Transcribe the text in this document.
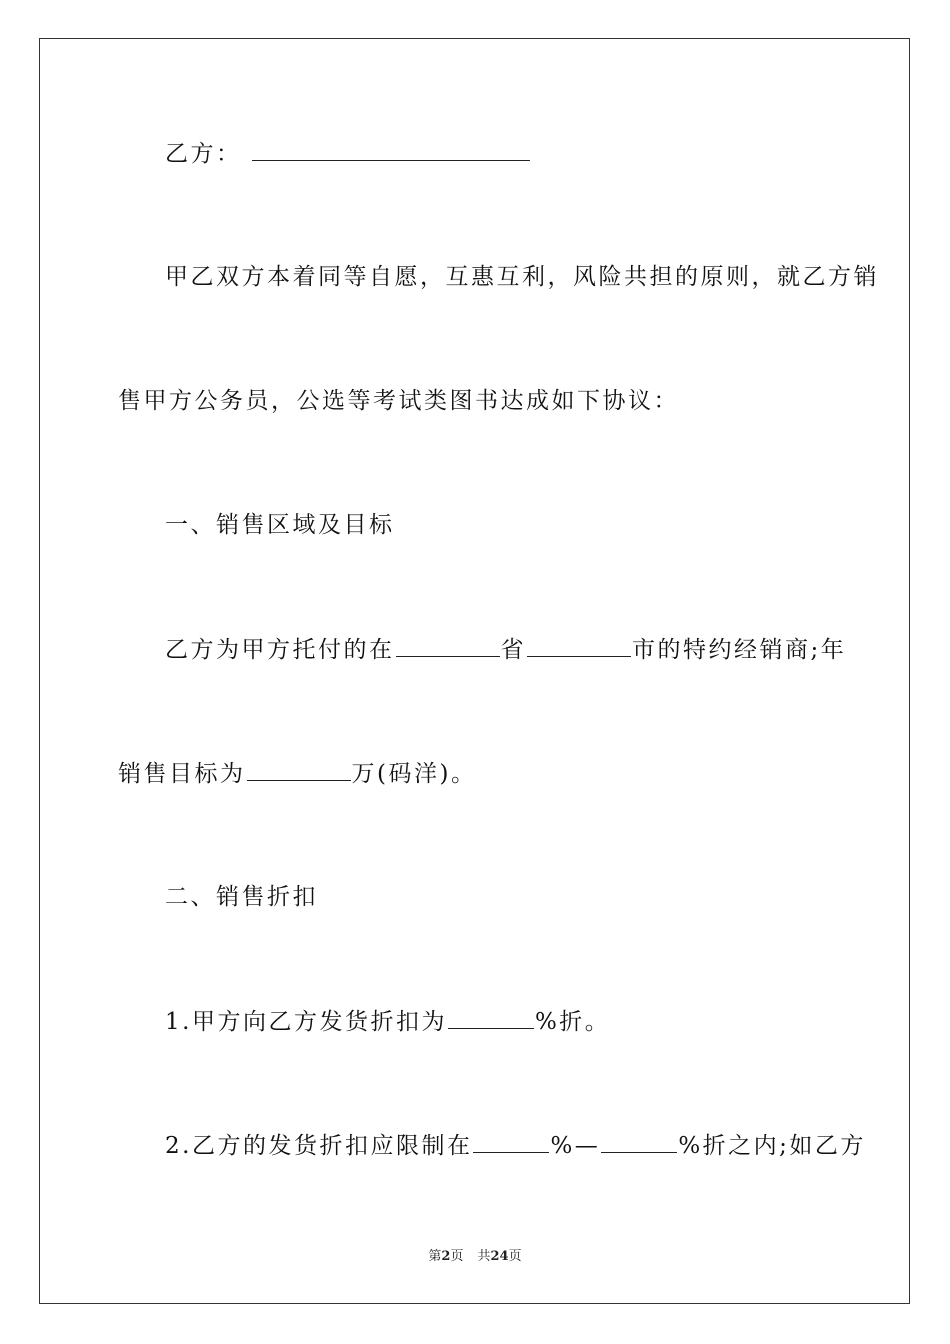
乙方：
甲乙双方本着同等自愿，互惠互利，风险共担的原则，就乙方销
售甲方公务员，公选等考试类图书达成如下协议：
一、销售区域及目标
乙方为甲方托付的在	省	市的特约经销商;年
销售目标为	万(码洋)。
二、销售折扣
1.甲方向乙方发货折扣为	%折。
2.乙方的发货折扣应限制在	%—	%折之内;如乙方
第2页 共24页
